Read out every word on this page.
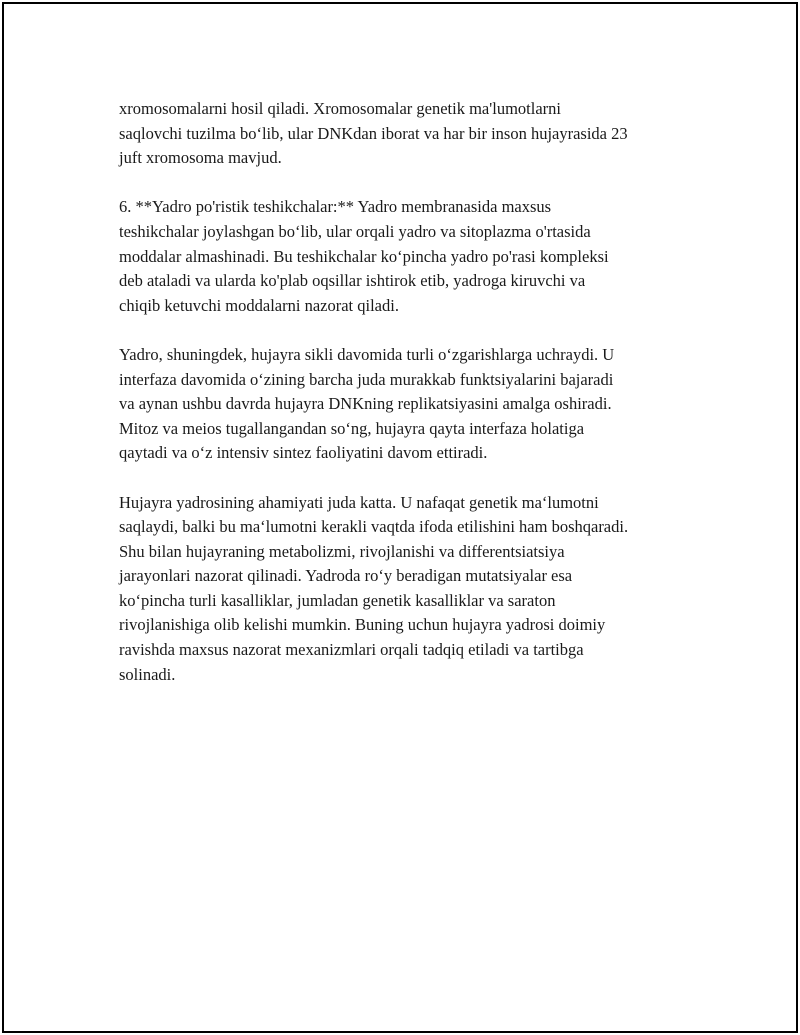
xromosomalarni hosil qiladi. Xromosomalar genetik ma'lumotlarni
saqlovchi tuzilma bo‘lib, ular DNKdan iborat va har bir inson hujayrasida 23
juft xromosoma mavjud.

6. **Yadro po'ristik teshikchalar:** Yadro membranasida maxsus
teshikchalar joylashgan bo‘lib, ular orqali yadro va sitoplazma o'rtasida
moddalar almashinadi. Bu teshikchalar ko‘pincha yadro po'rasi kompleksi
deb ataladi va ularda ko'plab oqsillar ishtirok etib, yadroga kiruvchi va
chiqib ketuvchi moddalarni nazorat qiladi.

Yadro, shuningdek, hujayra sikli davomida turli o‘zgarishlarga uchraydi. U
interfaza davomida o‘zining barcha juda murakkab funktsiyalarini bajaradi
va aynan ushbu davrda hujayra DNKning replikatsiyasini amalga oshiradi.
Mitoz va meios tugallangandan so‘ng, hujayra qayta interfaza holatiga
qaytadi va o‘z intensiv sintez faoliyatini davom ettiradi.

Hujayra yadrosining ahamiyati juda katta. U nafaqat genetik ma‘lumotni
saqlaydi, balki bu ma‘lumotni kerakli vaqtda ifoda etilishini ham boshqaradi.
Shu bilan hujayraning metabolizmi, rivojlanishi va differentsiatsiya
jarayonlari nazorat qilinadi. Yadroda ro‘y beradigan mutatsiyalar esa
ko‘pincha turli kasalliklar, jumladan genetik kasalliklar va saraton
rivojlanishiga olib kelishi mumkin. Buning uchun hujayra yadrosi doimiy
ravishda maxsus nazorat mexanizmlari orqali tadqiq etiladi va tartibga
solinadi.
